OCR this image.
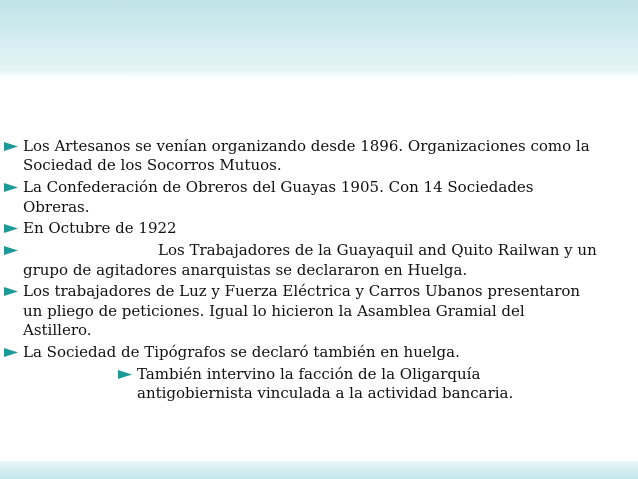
Los Artesanos se venían organizando desde 1896. Organizaciones como la Sociedad de los Socorros Mutuos.
La Confederación de Obreros del Guayas 1905. Con 14 Sociedades Obreras.
En Octubre de 1922
Los Trabajadores de la Guayaquil and Quito Railwan y un grupo de agitadores anarquistas se declararon en Huelga.
Los trabajadores de Luz y Fuerza Eléctrica y Carros Ubanos presentaron un pliego de peticiones. Igual lo hicieron la Asamblea Gramial del Astillero.
La Sociedad de Tipógrafos se declaró también en huelga.
También intervino la facción de la Oligarquía antigobiernista vinculada a la actividad bancaria.
